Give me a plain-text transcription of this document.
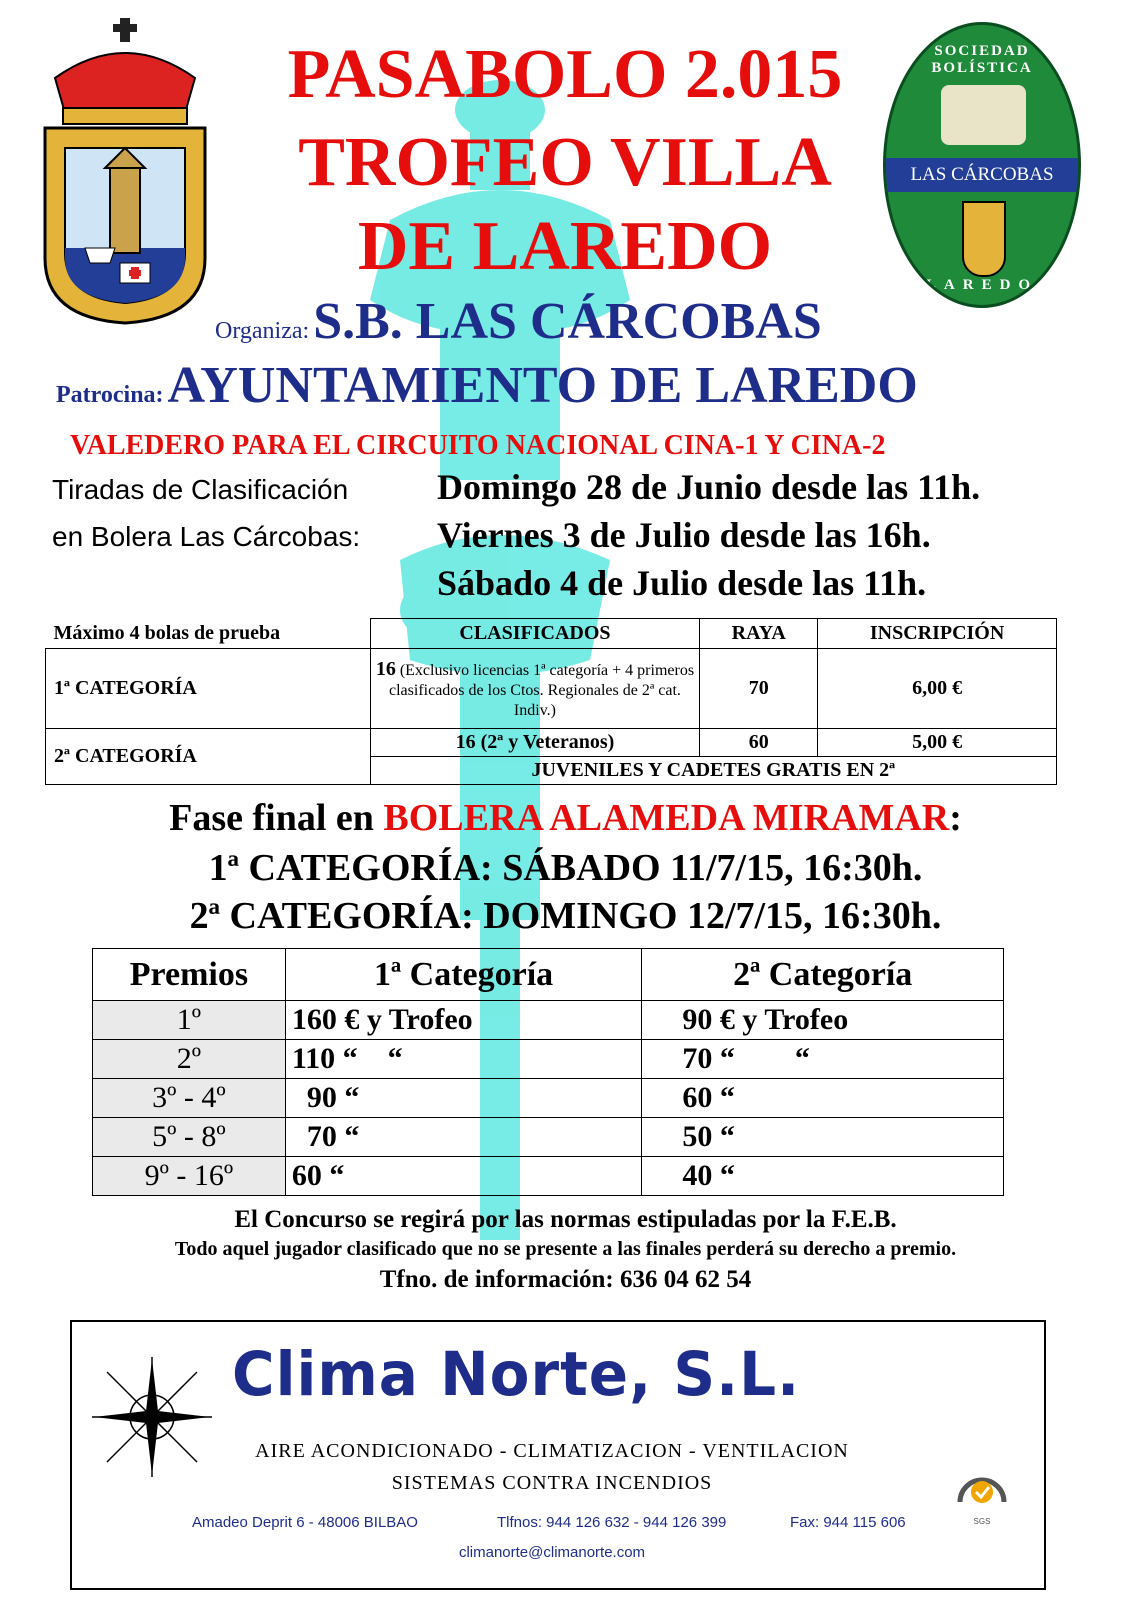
SOCIEDAD BOLÍSTICA
LAS CÁRCOBAS
LAREDO
PASABOLO 2.015
TROFEO VILLA
DE LAREDO
Organiza: S.B. LAS CÁRCOBAS
Patrocina: AYUNTAMIENTO DE LAREDO
VALEDERO PARA EL CIRCUITO NACIONAL CINA-1 Y CINA-2
Tiradas de Clasificación
en Bolera Las Cárcobas:
Domingo 28 de Junio desde las 11h.
Viernes 3 de Julio desde las 16h.
Sábado 4 de Julio desde las 11h.
Máximo 4 bolas de prueba	CLASIFICADOS	RAYA	INSCRIPCIÓN
1ª CATEGORÍA	16 (Exclusivo licencias 1ª categoría + 4 primeros clasificados de los Ctos. Regionales de 2ª cat. Indiv.)	70	6,00 €
2ª CATEGORÍA	16 (2ª y Veteranos)	60	5,00 €
	JUVENILES Y CADETES GRATIS EN 2ª		
Fase final en BOLERA ALAMEDA MIRAMAR:
1ª CATEGORÍA: SÁBADO 11/7/15, 16:30h.
2ª CATEGORÍA: DOMINGO 12/7/15, 16:30h.
Premios	1ª Categoría	2ª Categoría
1º	160 € y Trofeo	90 € y Trofeo
2º	110 “    “	70 “        “
3º - 4º	90 “	60 “
5º - 8º	70 “	50 “
9º - 16º	60 “	40 “
El Concurso se regirá por las normas estipuladas por la F.E.B.
Todo aquel jugador clasificado que no se presente a las finales perderá su derecho a premio.
Tfno. de información: 636 04 62 54
Clima Norte, S.L.
AIRE ACONDICIONADO - CLIMATIZACION - VENTILACION
SISTEMAS CONTRA INCENDIOS
Amadeo Deprit 6 - 48006 BILBAO	Tlfnos: 944 126 632 - 944 126 399	Fax: 944 115 606
climanorte@climanorte.com
SGS
